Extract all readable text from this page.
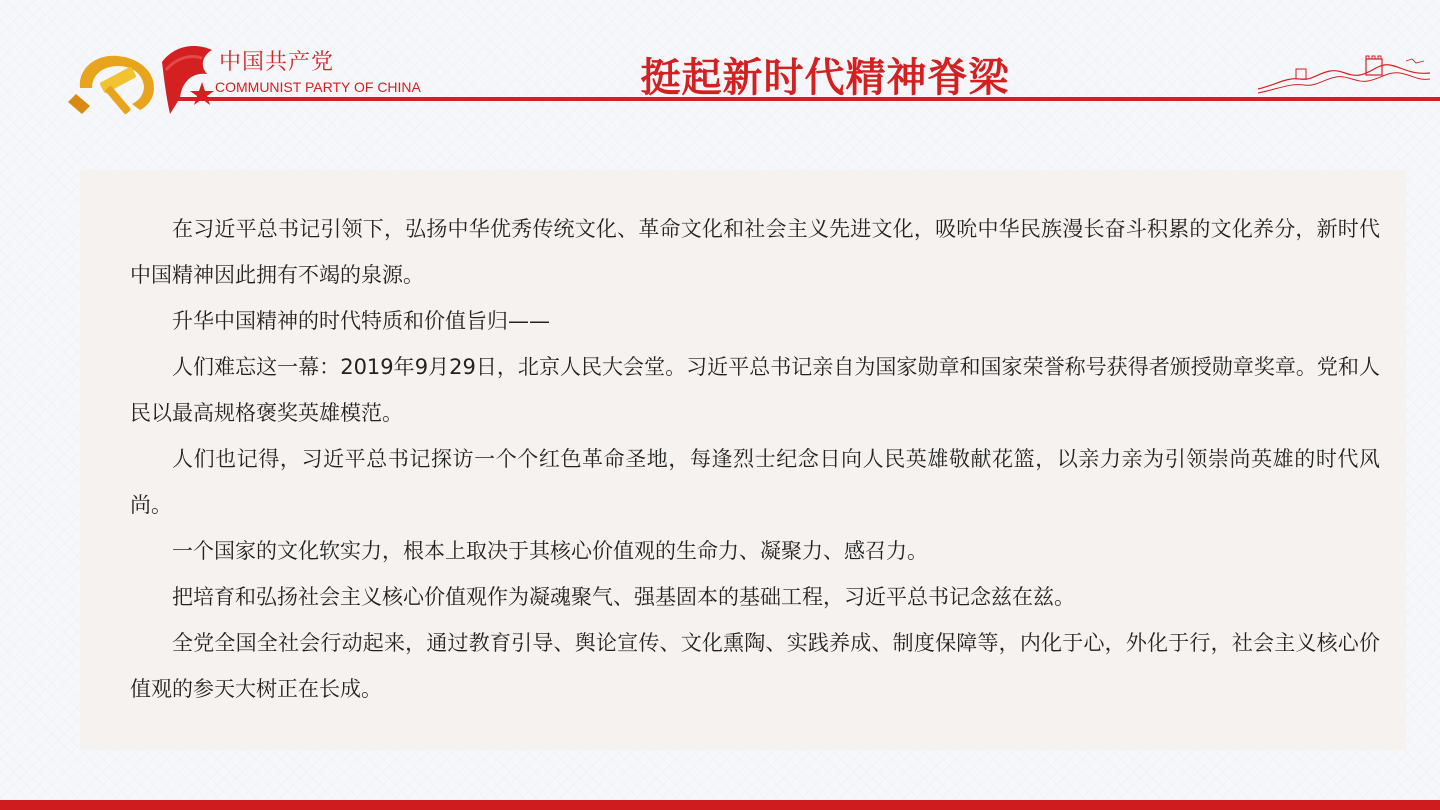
中国共产党
COMMUNIST PARTY OF CHINA	挺起新时代精神脊梁

在习近平总书记引领下，弘扬中华优秀传统文化、革命文化和社会主义先进文化，吸吮中华民族漫长奋斗积累的文化养分，新时代中国精神因此拥有不竭的泉源。

升华中国精神的时代特质和价值旨归——

人们难忘这一幕：2019年9月29日，北京人民大会堂。习近平总书记亲自为国家勋章和国家荣誉称号获得者颁授勋章奖章。党和人民以最高规格褒奖英雄模范。

人们也记得，习近平总书记探访一个个红色革命圣地，每逢烈士纪念日向人民英雄敬献花篮，以亲力亲为引领崇尚英雄的时代风尚。

一个国家的文化软实力，根本上取决于其核心价值观的生命力、凝聚力、感召力。

把培育和弘扬社会主义核心价值观作为凝魂聚气、强基固本的基础工程，习近平总书记念兹在兹。

全党全国全社会行动起来，通过教育引导、舆论宣传、文化熏陶、实践养成、制度保障等，内化于心，外化于行，社会主义核心价值观的参天大树正在长成。
